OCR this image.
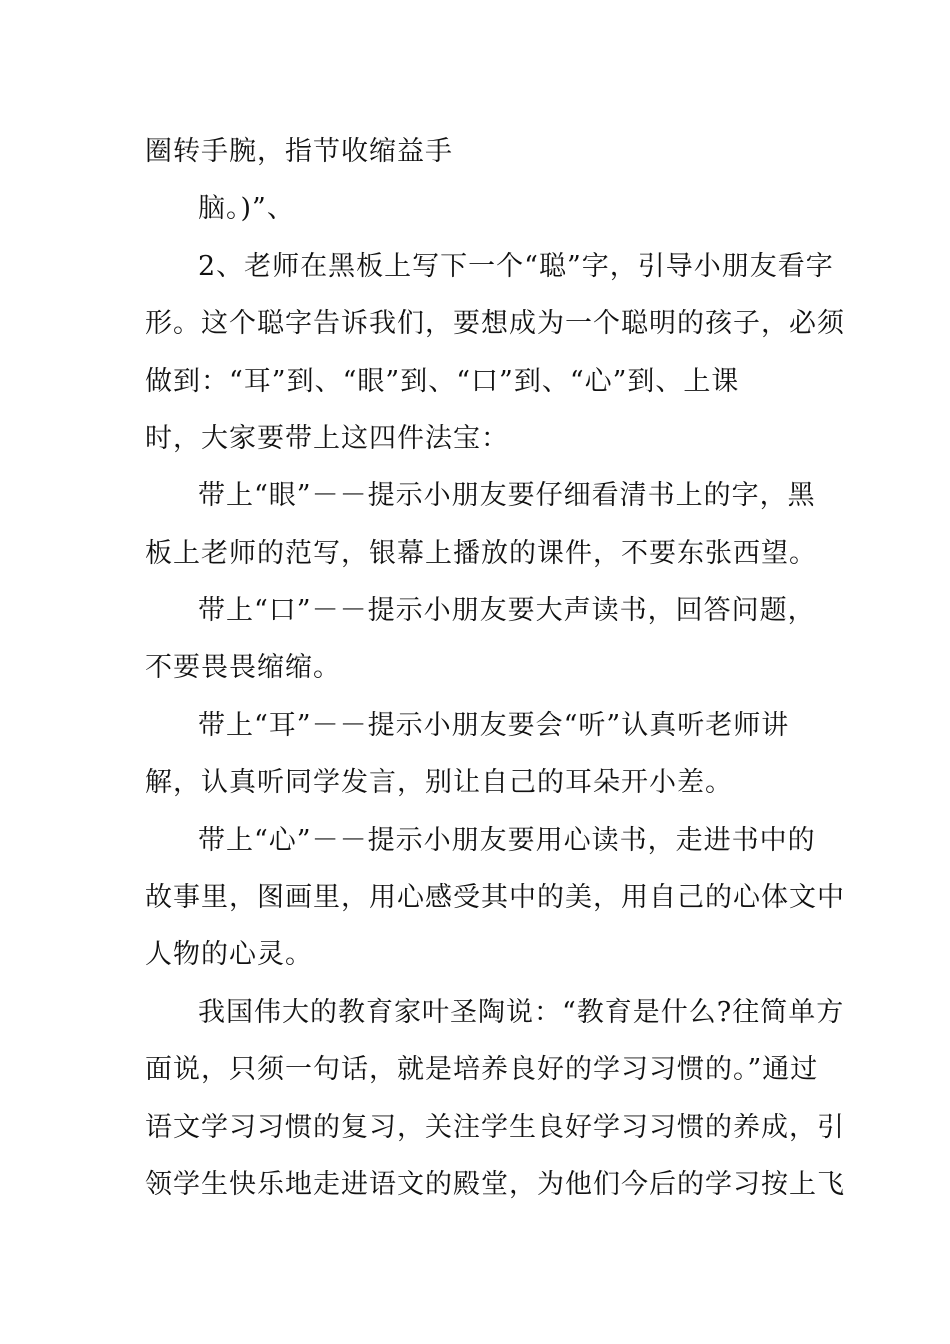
圈转手腕，指节收缩益手
脑。)”、
2、老师在黑板上写下一个“聪”字，引导小朋友看字
形。这个聪字告诉我们，要想成为一个聪明的孩子，必须
做到：“耳”到、“眼”到、“口”到、“心”到、上课
时，大家要带上这四件法宝：
带上“眼”－－提示小朋友要仔细看清书上的字，黑
板上老师的范写，银幕上播放的课件，不要东张西望。
带上“口”－－提示小朋友要大声读书，回答问题，
不要畏畏缩缩。
带上“耳”－－提示小朋友要会“听”认真听老师讲
解，认真听同学发言，别让自己的耳朵开小差。
带上“心”－－提示小朋友要用心读书，走进书中的
故事里，图画里，用心感受其中的美，用自己的心体文中
人物的心灵。
我国伟大的教育家叶圣陶说：“教育是什么?往简单方
面说，只须一句话，就是培养良好的学习习惯的。”通过
语文学习习惯的复习，关注学生良好学习习惯的养成，引
领学生快乐地走进语文的殿堂，为他们今后的学习按上飞
